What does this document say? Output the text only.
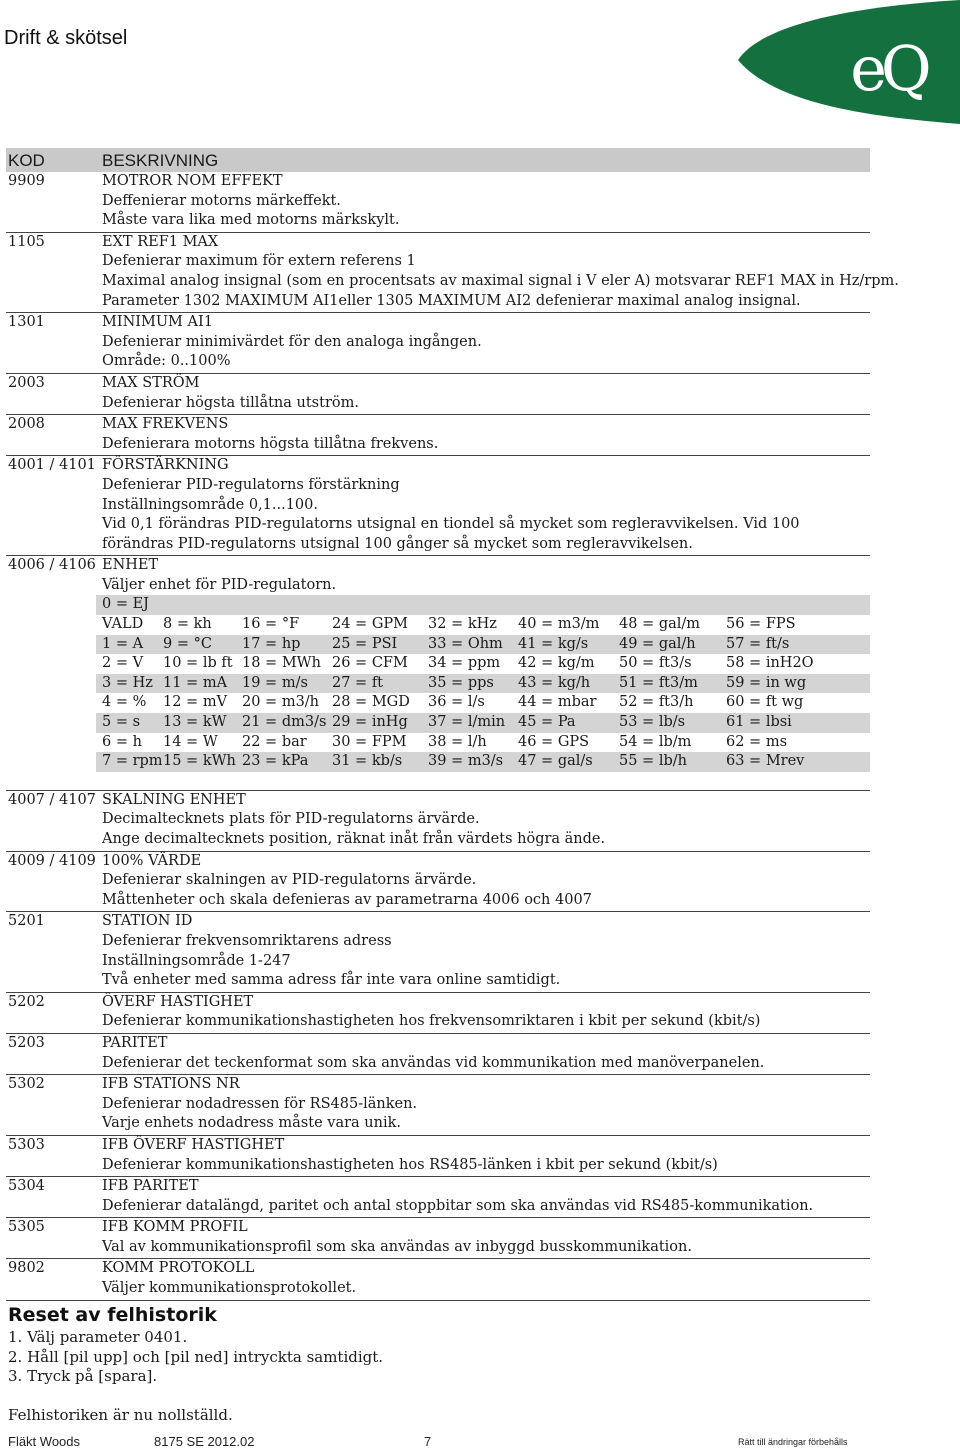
Drift & skötsel	eQ
KOD	BESKRIVNING
9909	MOTROR NOM EFFEKT
Deffenierar motorns märkeffekt.
Måste vara lika med motorns märkskylt.
1105	EXT REF1 MAX
Defenierar maximum för extern referens 1
Maximal analog insignal (som en procentsats av maximal signal i V eler A) motsvarar REF1 MAX in Hz/rpm.
Parameter 1302 MAXIMUM AI1eller 1305 MAXIMUM AI2 defenierar maximal analog insignal.
1301	MINIMUM AI1
Defenierar minimivärdet för den analoga ingången.
Område: 0..100%
2003	MAX STRÖM
Defenierar högsta tillåtna utström.
2008	MAX FREKVENS
Defenierara motorns högsta tillåtna frekvens.
4001 / 4101 FÖRSTÄRKNING
Defenierar PID-regulatorns förstärkning
Inställningsområde 0,1...100.
Vid 0,1 förändras PID-regulatorns utsignal en tiondel så mycket som regleravvikelsen. Vid 100
förändras PID-regulatorns utsignal 100 gånger så mycket som regleravvikelsen.
4006 / 4106 ENHET
Väljer enhet för PID-regulatorn.
0 = EJ
VALD 8 = kh 16 = °F 24 = GPM 32 = kHz 40 = m3/m 48 = gal/m 56 = FPS
1 = A 9 = °C 17 = hp 25 = PSI 33 = Ohm 41 = kg/s 49 = gal/h 57 = ft/s
2 = V 10 = lb ft 18 = MWh 26 = CFM 34 = ppm 42 = kg/m 50 = ft3/s 58 = inH2O
3 = Hz 11 = mA 19 = m/s 27 = ft	35 = pps 43 = kg/h 51 = ft3/m 59 = in wg
4 = % 12 = mV 20 = m3/h 28 = MGD 36 = l/s 44 = mbar 52 = ft3/h 60 = ft wg
5 = s 13 = kW 21 = dm3/s 29 = inHg 37 = l/min 45 = Pa	53 = lb/s	61 = lbsi
6 = h 14 = W 22 = bar 30 = FPM 38 = l/h 46 = GPS 54 = lb/m 62 = ms
7 = rpm 15 = kWh 23 = kPa 31 = kb/s 39 = m3/s 47 = gal/s 55 = lb/h	63 = Mrev
4007 / 4107 SKALNING ENHET
Decimaltecknets plats för PID-regulatorns ärvärde.
Ange decimaltecknets position, räknat inåt från värdets högra ände.
4009 / 4109 100% VÄRDE
Defenierar skalningen av PID-regulatorns ärvärde.
Måttenheter och skala defenieras av parametrarna 4006 och 4007
5201	STATION ID
Defenierar frekvensomriktarens adress
Inställningsområde 1-247
Två enheter med samma adress får inte vara online samtidigt.
5202	ÖVERF HASTIGHET
Defenierar kommunikationshastigheten hos frekvensomriktaren i kbit per sekund (kbit/s)
5203	PARITET
Defenierar det teckenformat som ska användas vid kommunikation med manöverpanelen.
5302	IFB STATIONS NR
Defenierar nodadressen för RS485-länken.
Varje enhets nodadress måste vara unik.
5303	IFB ÖVERF HASTIGHET
Defenierar kommunikationshastigheten hos RS485-länken i kbit per sekund (kbit/s)
5304	IFB PARITET
Defenierar datalängd, paritet och antal stoppbitar som ska användas vid RS485-kommunikation.
5305	IFB KOMM PROFIL
Val av kommunikationsprofil som ska användas av inbyggd busskommunikation.
9802	KOMM PROTOKOLL
Väljer kommunikationsprotokollet.
Reset av felhistorik
1. Välj parameter 0401.
2. Håll [pil upp] och [pil ned] intryckta samtidigt.
3. Tryck på [spara].
Felhistoriken är nu nollställd.
Fläkt Woods	8175 SE 2012.02	7	Rätt till ändringar förbehålls
